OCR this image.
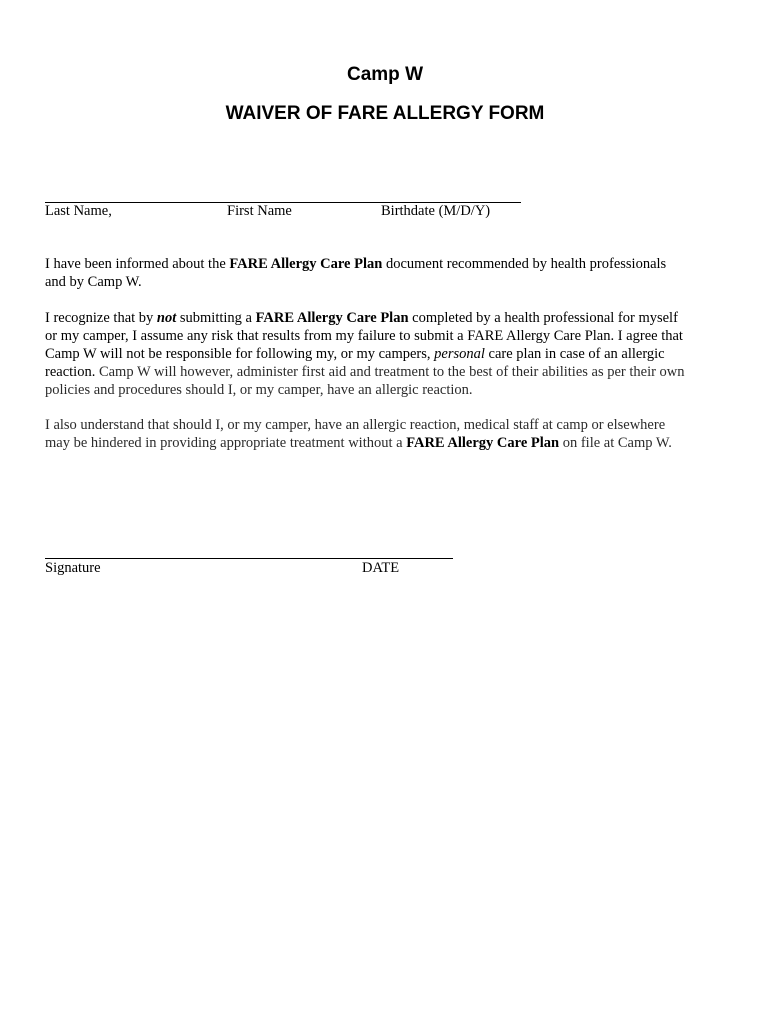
Camp W
WAIVER OF FARE ALLERGY FORM
Last Name,	First Name	Birthdate (M/D/Y)

I have been informed about the FARE Allergy Care Plan document recommended by health professionals and by Camp W.

I recognize that by not submitting a FARE Allergy Care Plan completed by a health professional for myself or my camper, I assume any risk that results from my failure to submit a FARE Allergy Care Plan. I agree that Camp W will not be responsible for following my, or my campers, personal care plan in case of an allergic reaction. Camp W will however, administer first aid and treatment to the best of their abilities as per their own policies and procedures should I, or my camper, have an allergic reaction.

I also understand that should I, or my camper, have an allergic reaction, medical staff at camp or elsewhere may be hindered in providing appropriate treatment without a FARE Allergy Care Plan on file at Camp W.

Signature	DATE
